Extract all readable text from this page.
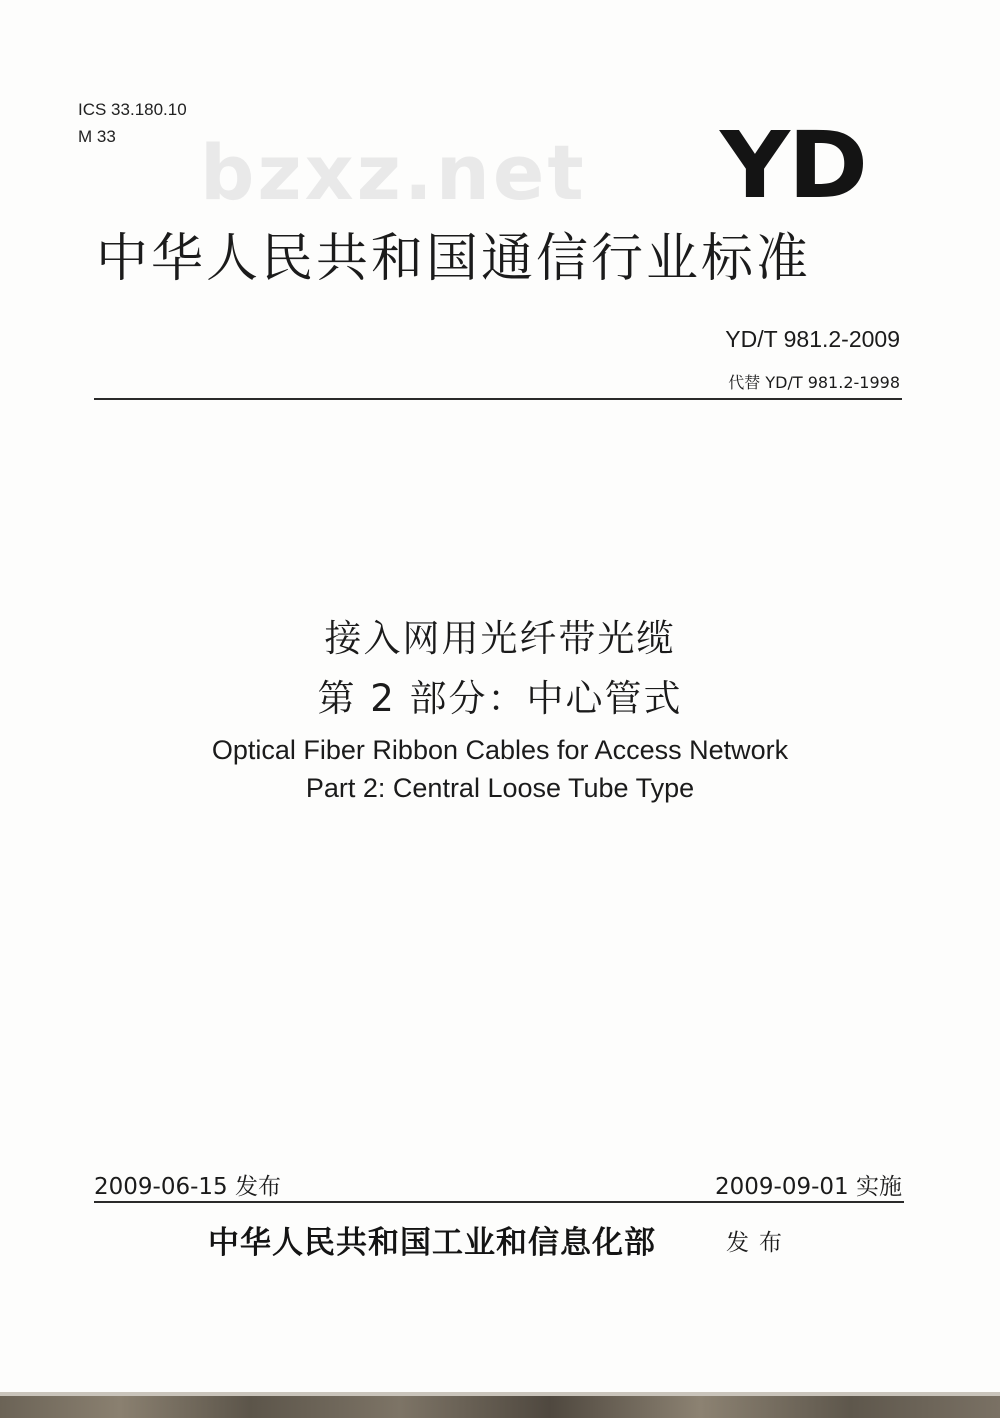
ICS 33.180.10
M 33 bzxz.net YD
中华人民共和国通信行业标准
YD/T 981.2-2009
代替 YD/T 981.2-1998
接入网用光纤带光缆
第 2 部分：中心管式
Optical Fiber Ribbon Cables for Access Network
Part 2: Central Loose Tube Type
2009-06-15 发布	2009-09-01 实施
中华人民共和国工业和信息化部	发布
